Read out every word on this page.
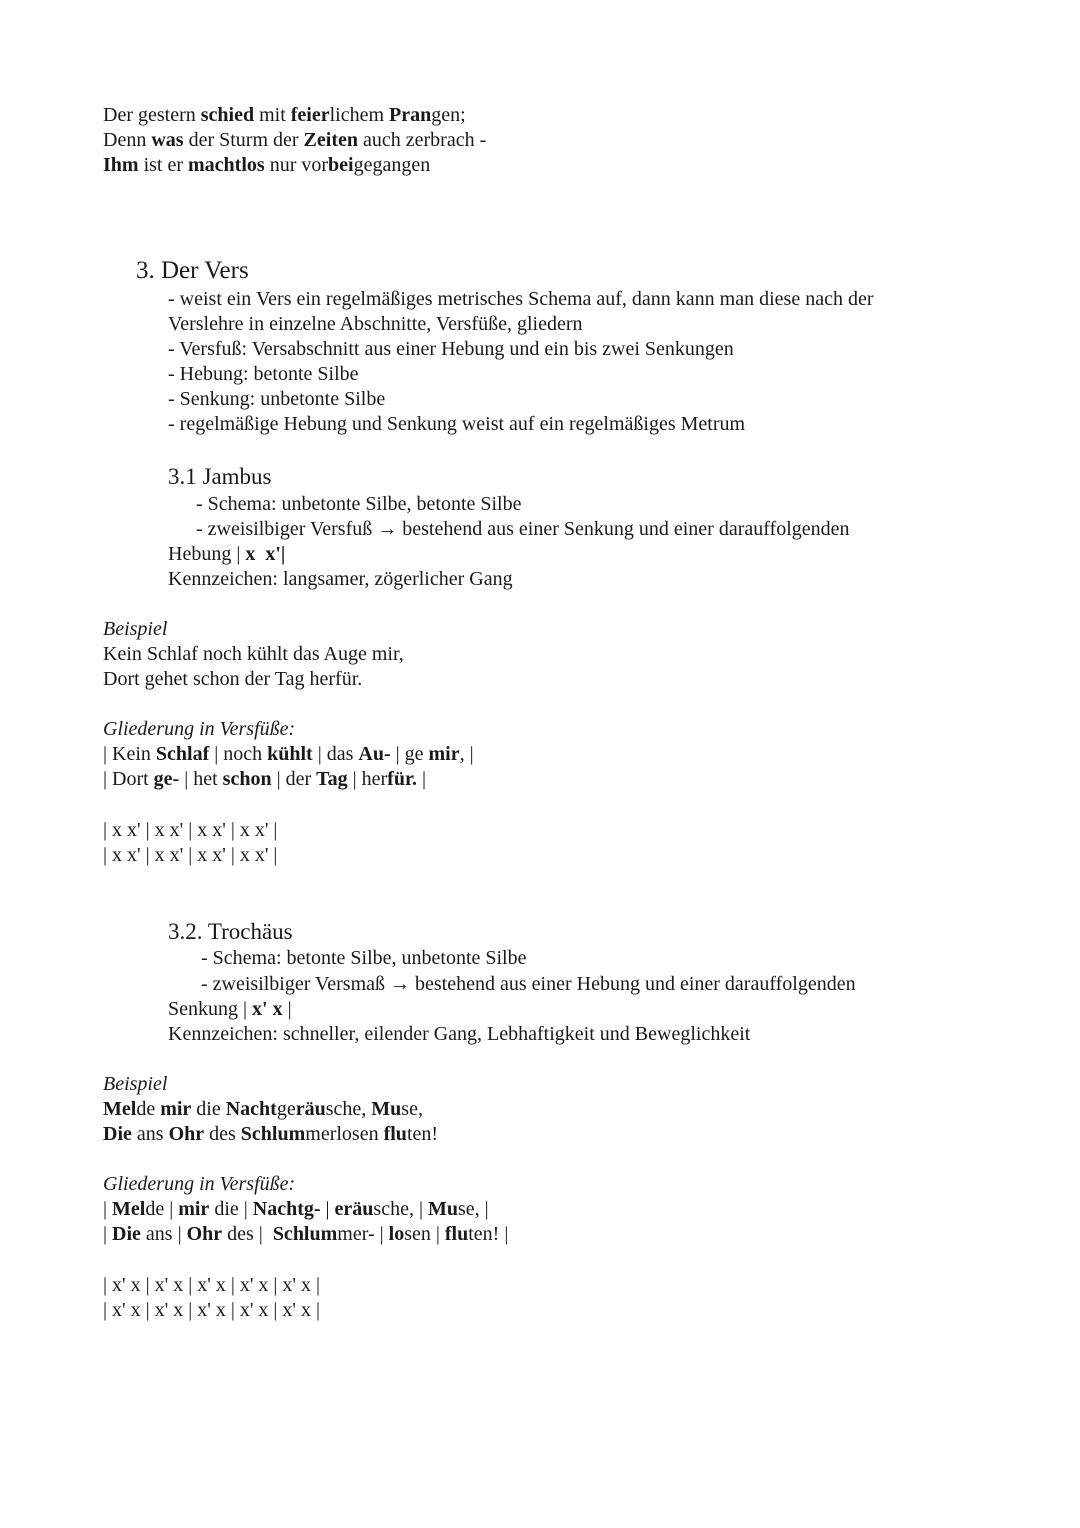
Der gestern schied mit feierlichem Prangen;
Denn was der Sturm der Zeiten auch zerbrach -
Ihm ist er machtlos nur vorbeigegangen
3. Der Vers
- weist ein Vers ein regelmäßiges metrisches Schema auf, dann kann man diese nach der
Verslehre in einzelne Abschnitte, Versfüße, gliedern
- Versfuß: Versabschnitt aus einer Hebung und ein bis zwei Senkungen
- Hebung: betonte Silbe
- Senkung: unbetonte Silbe
- regelmäßige Hebung und Senkung weist auf ein regelmäßiges Metrum
3.1 Jambus
- Schema: unbetonte Silbe, betonte Silbe
- zweisilbiger Versfuß → bestehend aus einer Senkung und einer darauffolgenden
Hebung | x  x'|
Kennzeichen: langsamer, zögerlicher Gang
Beispiel
Kein Schlaf noch kühlt das Auge mir,
Dort gehet schon der Tag herfür.
Gliederung in Versfüße:
| Kein Schlaf | noch kühlt | das Au- | ge mir, |
| Dort ge- | het schon | der Tag | herfür. |
| x x' | x x' | x x' | x x' |
| x x' | x x' | x x' | x x' |
3.2. Trochäus
- Schema: betonte Silbe, unbetonte Silbe
- zweisilbiger Versmaß → bestehend aus einer Hebung und einer darauffolgenden
Senkung | x' x |
Kennzeichen: schneller, eilender Gang, Lebhaftigkeit und Beweglichkeit
Beispiel
Melde mir die Nachtgeräusche, Muse,
Die ans Ohr des Schlummerlosen fluten!
Gliederung in Versfüße:
| Melde | mir die | Nachtg- | eräusche, | Muse, |
| Die ans | Ohr des |  Schlummer- | losen | fluten! |
| x' x | x' x | x' x | x' x | x' x |
| x' x | x' x | x' x | x' x | x' x |
